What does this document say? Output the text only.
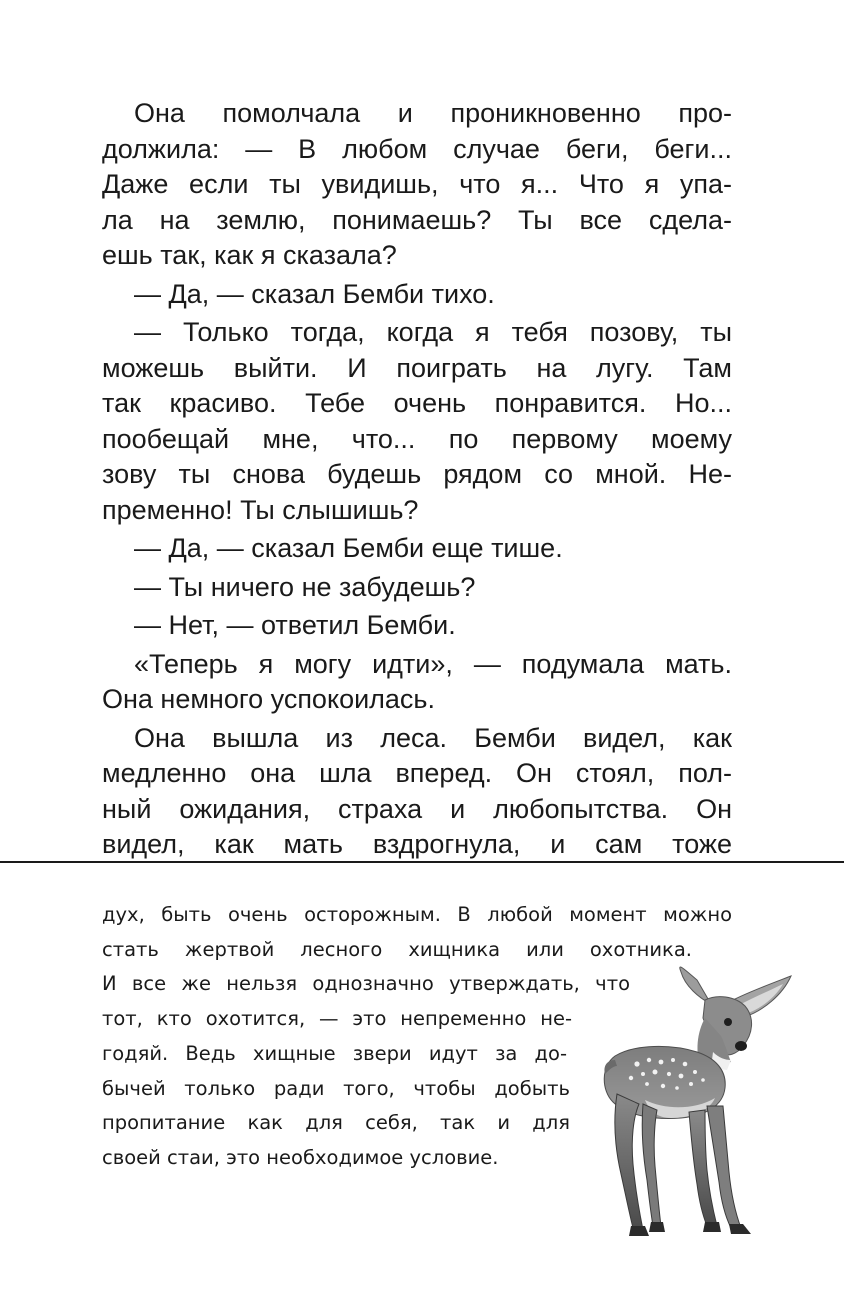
Она помолчала и проникновенно про-
должила: — В любом случае беги, беги...
Даже если ты увидишь, что я... Что я упа-
ла на землю, понимаешь? Ты все сдела-
ешь так, как я сказала?
— Да, — сказал Бемби тихо.
— Только тогда, когда я тебя позову, ты
можешь выйти. И поиграть на лугу. Там
так красиво. Тебе очень понравится. Но...
пообещай мне, что... по первому моему
зову ты снова будешь рядом со мной. Не-
пременно! Ты слышишь?
— Да, — сказал Бемби еще тише.
— Ты ничего не забудешь?
— Нет, — ответил Бемби.
«Теперь я могу идти», — подумала мать.
Она немного успокоилась.
Она вышла из леса. Бемби видел, как
медленно она шла вперед. Он стоял, пол-
ный ожидания, страха и любопытства. Он
видел, как мать вздрогнула, и сам тоже
дух, быть очень осторожным. В любой момент можно
стать жертвой лесного хищника или охотника.
И все же нельзя однозначно утверждать, что
тот, кто охотится, — это непременно не-
годяй. Ведь хищные звери идут за до-
бычей только ради того, чтобы добыть
пропитание как для себя, так и для
своей стаи, это необходимое условие.
